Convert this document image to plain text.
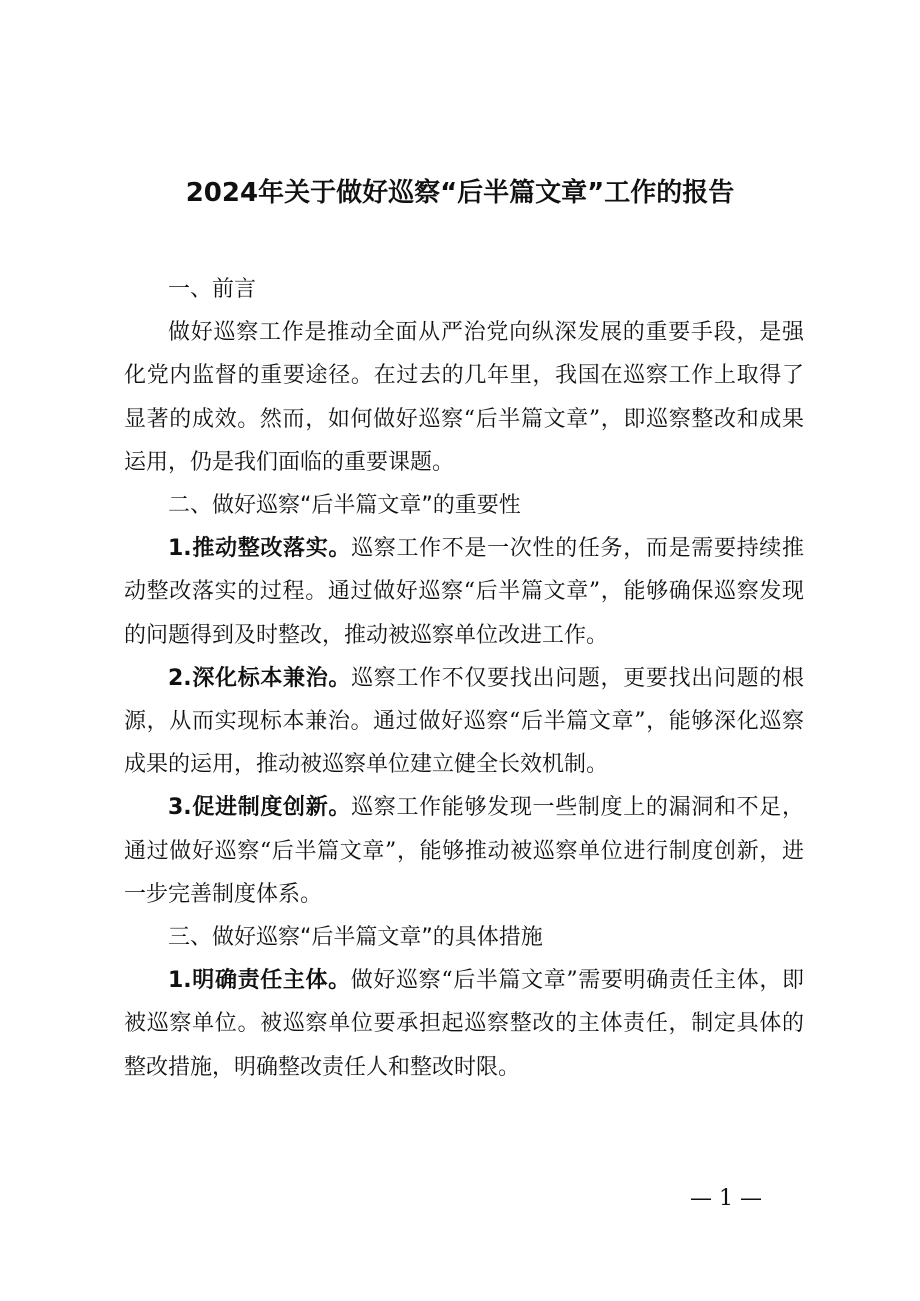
2024年关于做好巡察“后半篇文章”工作的报告

一、前言

做好巡察工作是推动全面从严治党向纵深发展的重要手段，是强化党内监督的重要途径。在过去的几年里，我国在巡察工作上取得了显著的成效。然而，如何做好巡察“后半篇文章”，即巡察整改和成果运用，仍是我们面临的重要课题。

二、做好巡察“后半篇文章”的重要性

1.推动整改落实。巡察工作不是一次性的任务，而是需要持续推动整改落实的过程。通过做好巡察“后半篇文章”，能够确保巡察发现的问题得到及时整改，推动被巡察单位改进工作。

2.深化标本兼治。巡察工作不仅要找出问题，更要找出问题的根源，从而实现标本兼治。通过做好巡察“后半篇文章”，能够深化巡察成果的运用，推动被巡察单位建立健全长效机制。

3.促进制度创新。巡察工作能够发现一些制度上的漏洞和不足，通过做好巡察“后半篇文章”，能够推动被巡察单位进行制度创新，进一步完善制度体系。

三、做好巡察“后半篇文章”的具体措施

1.明确责任主体。做好巡察“后半篇文章”需要明确责任主体，即被巡察单位。被巡察单位要承担起巡察整改的主体责任，制定具体的整改措施，明确整改责任人和整改时限。

— 1 —
